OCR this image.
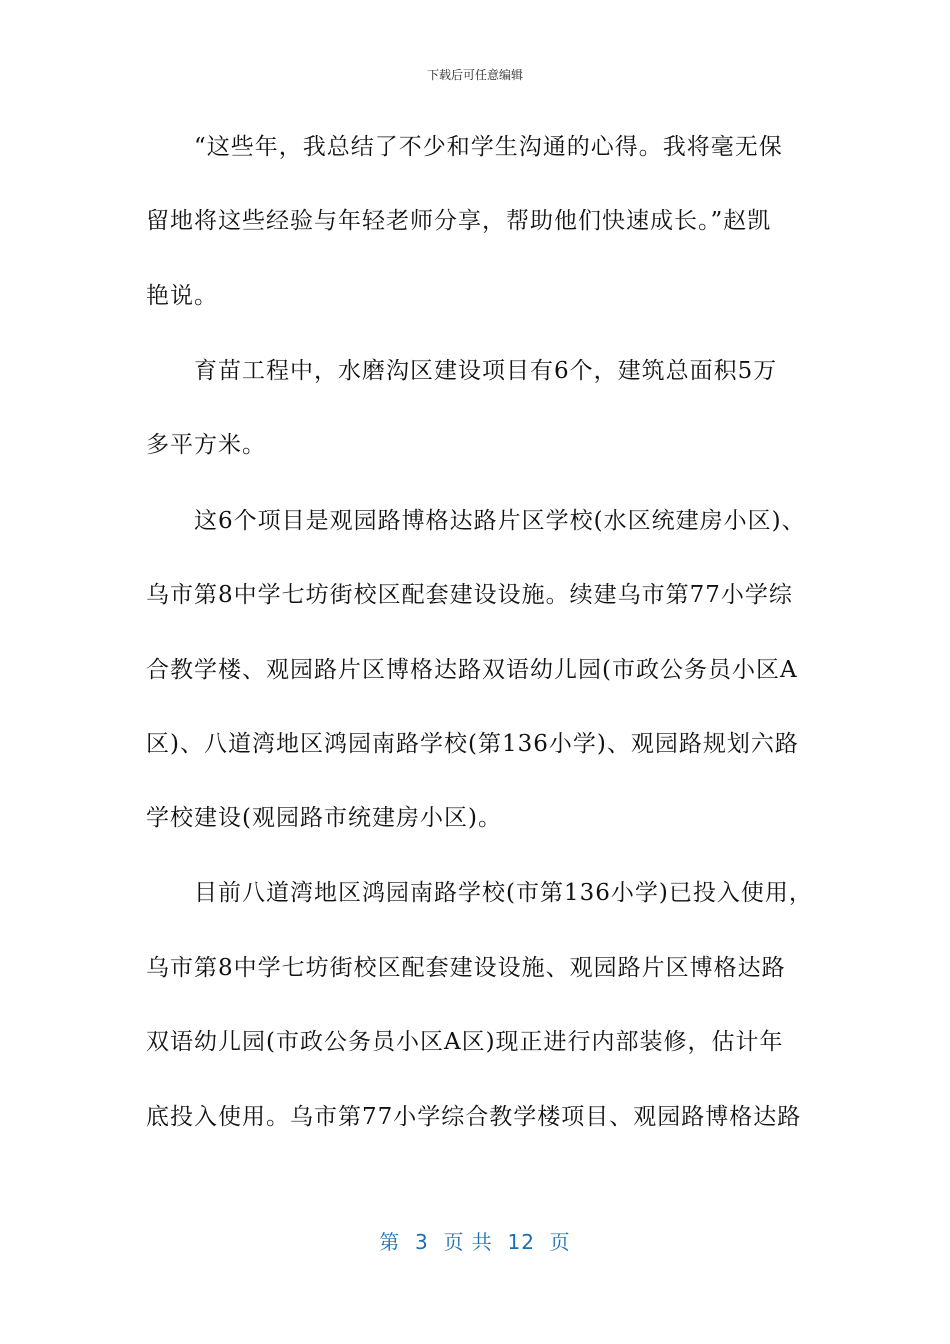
下载后可任意编辑
“这些年，我总结了不少和学生沟通的心得。我将毫无保
留地将这些经验与年轻老师分享，帮助他们快速成长。”赵凯
艳说。
育苗工程中，水磨沟区建设项目有6个，建筑总面积5万
多平方米。
这6个项目是观园路博格达路片区学校(水区统建房小区)、
乌市第8中学七坊街校区配套建设设施。续建乌市第77小学综
合教学楼、观园路片区博格达路双语幼儿园(市政公务员小区A
区)、八道湾地区鸿园南路学校(第136小学)、观园路规划六路
学校建设(观园路市统建房小区)。
目前八道湾地区鸿园南路学校(市第136小学)已投入使用，
乌市第8中学七坊街校区配套建设设施、观园路片区博格达路
双语幼儿园(市政公务员小区A区)现正进行内部装修，估计年
底投入使用。乌市第77小学综合教学楼项目、观园路博格达路
第  3  页 共  12  页
